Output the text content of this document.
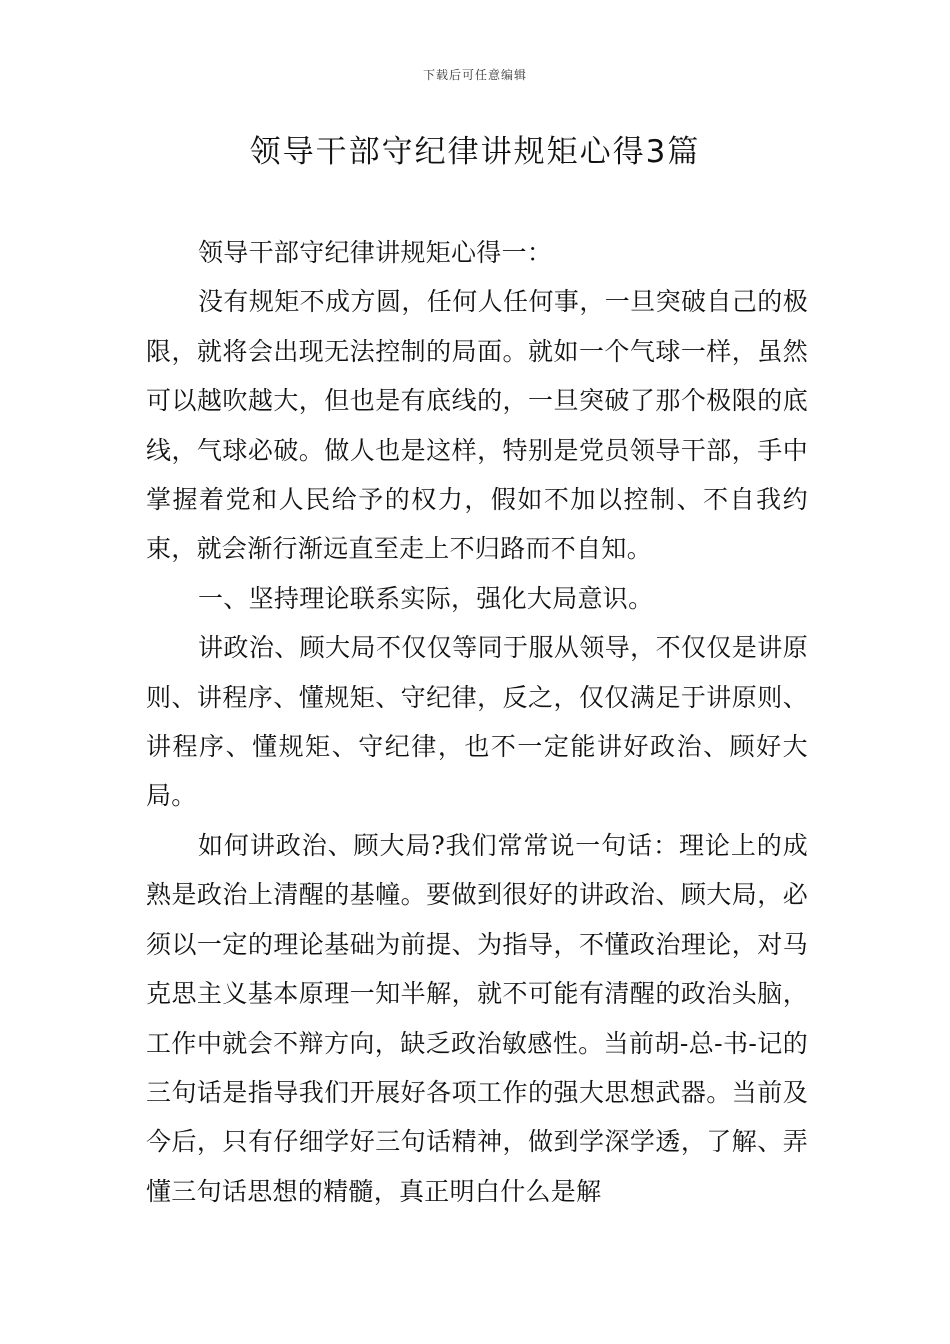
下载后可任意编辑
领导干部守纪律讲规矩心得3篇

领导干部守纪律讲规矩心得一：

没有规矩不成方圆，任何人任何事，一旦突破自己的极限，就将会出现无法控制的局面。就如一个气球一样，虽然可以越吹越大，但也是有底线的，一旦突破了那个极限的底线，气球必破。做人也是这样，特别是党员领导干部，手中掌握着党和人民给予的权力，假如不加以控制、不自我约束，就会渐行渐远直至走上不归路而不自知。

一、坚持理论联系实际，强化大局意识。

讲政治、顾大局不仅仅等同于服从领导，不仅仅是讲原则、讲程序、懂规矩、守纪律，反之，仅仅满足于讲原则、讲程序、懂规矩、守纪律，也不一定能讲好政治、顾好大局。

如何讲政治、顾大局?我们常常说一句话：理论上的成熟是政治上清醒的基幢。要做到很好的讲政治、顾大局，必须以一定的理论基础为前提、为指导，不懂政治理论，对马克思主义基本原理一知半解，就不可能有清醒的政治头脑，工作中就会不辩方向，缺乏政治敏感性。当前胡-总-书-记的三句话是指导我们开展好各项工作的强大思想武器。当前及今后，只有仔细学好三句话精神，做到学深学透，了解、弄懂三句话思想的精髓，真正明白什么是解
